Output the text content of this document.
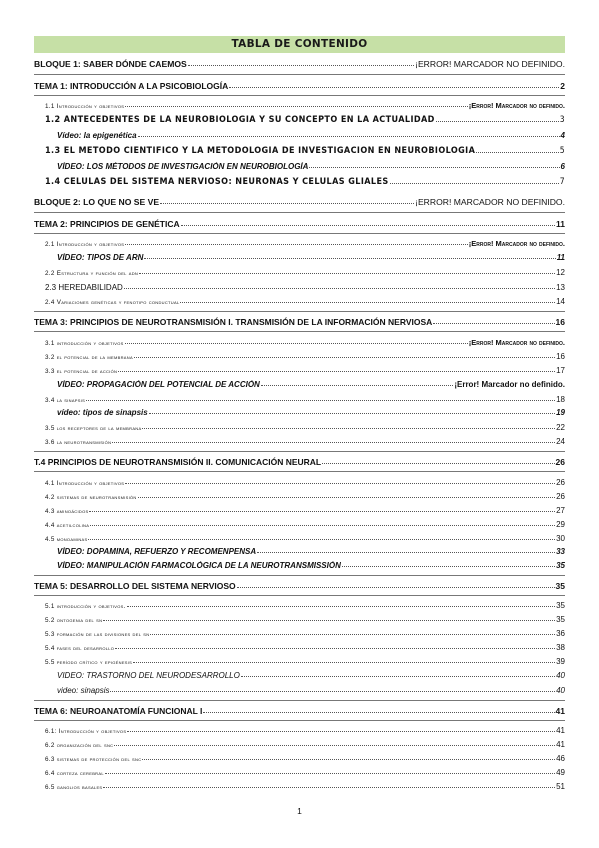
TABLA DE CONTENIDO
BLOQUE 1: SABER DÓNDE CAEMOS	¡ERROR! MARCADOR NO DEFINIDO.
TEMA 1: INTRODUCCIÓN A LA PSICOBIOLOGÍA	2
1.1 Introducción y objetivos	¡Error! Marcador no definido.
1.2 ANTECEDENTES DE LA NEUROBIOLOGÍA Y SU CONCEPTO EN LA ACTUALIDAD	3
Vídeo: la epigenética	4
1.3 EL MÉTODO CIENTÍFICO Y LA METODOLOGÍA DE INVESTIGACIÓN EN NEUROBIOLOGÍA	5
VÍDEO: LOS MÉTODOS DE INVESTIGACIÓN EN NEUROBIOLOGÍA	6
1.4 CÉLULAS DEL SISTEMA NERVIOSO: NEURONAS Y CÉLULAS GLIALES	7
BLOQUE 2: LO QUE NO SE VE	¡ERROR! MARCADOR NO DEFINIDO.
TEMA 2: PRINCIPIOS DE GENÉTICA	11
2.1 Introducción y objetivos	¡Error! Marcador no definido.
VÍDEO: TIPOS DE ARN	11
2.2 Estructura y función del adn	12
2.3 HEREDABILIDAD	13
2.4 Variaciones genéticas y fenotipo conductual	14
TEMA 3: PRINCIPIOS DE NEUROTRANSMISIÓN I. TRANSMISIÓN DE LA INFORMACIÓN NERVIOSA	16
3.1 introducción y objetivos	¡Error! Marcador no definido.
3.2 el potencial de la membrana	16
3.3 el potencial de acción	17
VÍDEO: PROPAGACIÓN DEL POTENCIAL DE ACCIÓN	¡Error! Marcador no definido.
3.4 la sinapsis	18
vídeo: tipos de sinapsis	19
3.5 los receptores de la membrana	22
3.6 la neurotransmisión	24
T.4 PRINCIPIOS DE NEUROTRANSMISIÓN II. COMUNICACIÓN NEURAL	26
4.1 Introducción y objetivos	26
4.2 sistemas de neurotransmisión	26
4.3 aminoácidos	27
4.4 acetilcolina	29
4.5 monoaminas	30
VÍDEO: DOPAMINA, REFUERZO Y RECOMENPENSA	33
VÍDEO: MANIPULACIÓN FARMACOLÓGICA DE LA NEUROTRANSMISSIÓN	35
TEMA 5: DESARROLLO DEL SISTEMA NERVIOSO	35
5.1 introducción y objetivos.	35
5.2 ontogenia del sn	35
5.3 formación de las divisiones del sn	36
5.4 fases del desarrollo	38
5.5 período crítico y epigénesis	39
VIDEO: TRASTORNO DEL NEURODESARROLLO	40
video: sinapsis	40
TEMA 6: NEUROANATOMÍA FUNCIONAL I	41
6.1: Introducción y objetivos	41
6.2 organización del snc	41
6.3 sistemas de protección del snc	46
6.4 corteza cerebral	49
6.5 ganglios basales	51
1
